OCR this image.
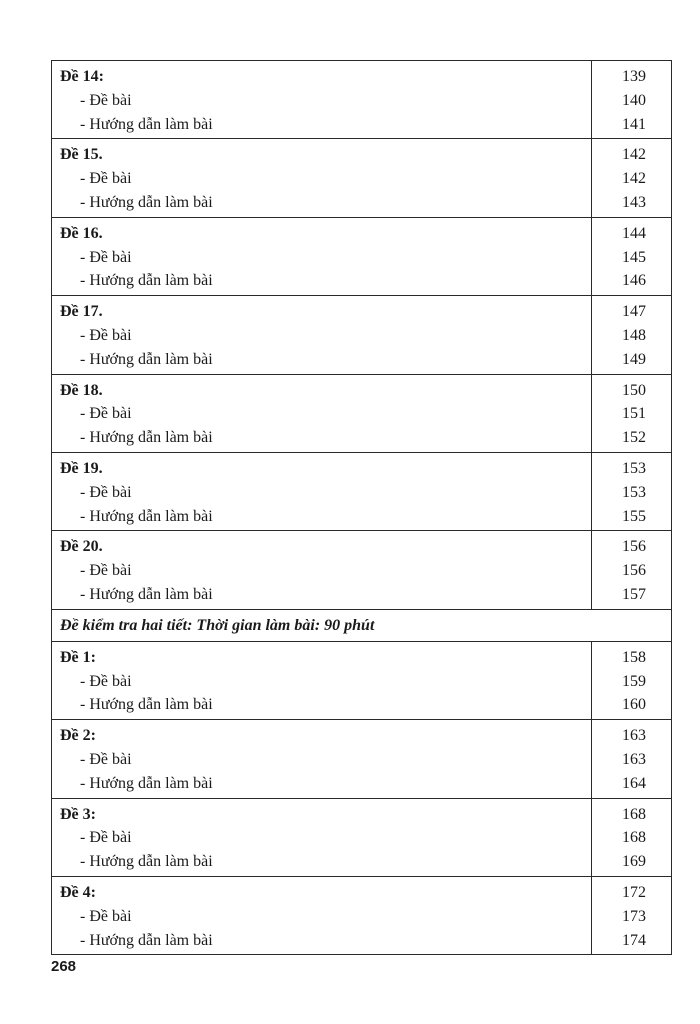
Đề 14:
- Đề bài
- Hướng dẫn làm bài
139
140
141
Đề 15.
- Đề bài
- Hướng dẫn làm bài
142
142
143
Đề 16.
- Đề bài
- Hướng dẫn làm bài
144
145
146
Đề 17.
- Đề bài
- Hướng dẫn làm bài
147
148
149
Đề 18.
- Đề bài
- Hướng dẫn làm bài
150
151
152
Đề 19.
- Đề bài
- Hướng dẫn làm bài
153
153
155
Đề 20.
- Đề bài
- Hướng dẫn làm bài
156
156
157
Đề kiểm tra hai tiết: Thời gian làm bài: 90 phút
Đề 1:
- Đề bài
- Hướng dẫn làm bài
158
159
160
Đề 2:
- Đề bài
- Hướng dẫn làm bài
163
163
164
Đề 3:
- Đề bài
- Hướng dẫn làm bài
168
168
169
Đề 4:
- Đề bài
- Hướng dẫn làm bài
172
173
174
268
